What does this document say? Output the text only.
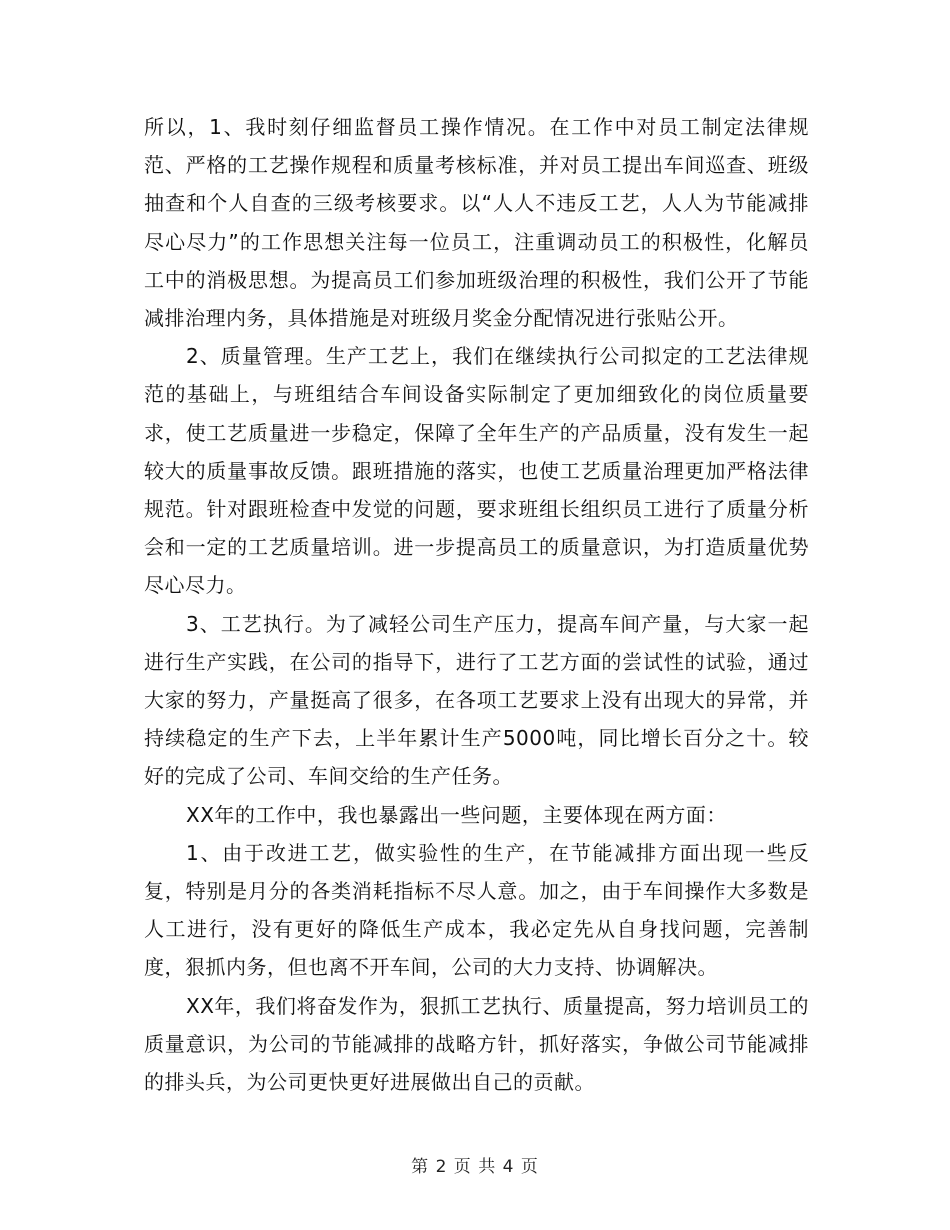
所以，1、我时刻仔细监督员工操作情况。在工作中对员工制定法律规范、严格的工艺操作规程和质量考核标准，并对员工提出车间巡查、班级抽查和个人自查的三级考核要求。以“人人不违反工艺，人人为节能减排尽心尽力”的工作思想关注每一位员工，注重调动员工的积极性，化解员工中的消极思想。为提高员工们参加班级治理的积极性，我们公开了节能减排治理内务，具体措施是对班级月奖金分配情况进行张贴公开。

2、质量管理。生产工艺上，我们在继续执行公司拟定的工艺法律规范的基础上，与班组结合车间设备实际制定了更加细致化的岗位质量要求，使工艺质量进一步稳定，保障了全年生产的产品质量，没有发生一起较大的质量事故反馈。跟班措施的落实，也使工艺质量治理更加严格法律规范。针对跟班检查中发觉的问题，要求班组长组织员工进行了质量分析会和一定的工艺质量培训。进一步提高员工的质量意识，为打造质量优势尽心尽力。

3、工艺执行。为了减轻公司生产压力，提高车间产量，与大家一起进行生产实践，在公司的指导下，进行了工艺方面的尝试性的试验，通过大家的努力，产量挺高了很多，在各项工艺要求上没有出现大的异常，并持续稳定的生产下去，上半年累计生产5000吨，同比增长百分之十。较好的完成了公司、车间交给的生产任务。

XX年的工作中，我也暴露出一些问题，主要体现在两方面：

1、由于改进工艺，做实验性的生产，在节能减排方面出现一些反复，特别是月分的各类消耗指标不尽人意。加之，由于车间操作大多数是人工进行，没有更好的降低生产成本，我必定先从自身找问题，完善制度，狠抓内务，但也离不开车间，公司的大力支持、协调解决。

XX年，我们将奋发作为，狠抓工艺执行、质量提高，努力培训员工的质量意识，为公司的节能减排的战略方针，抓好落实，争做公司节能减排的排头兵，为公司更快更好进展做出自己的贡献。

第 2 页 共 4 页
